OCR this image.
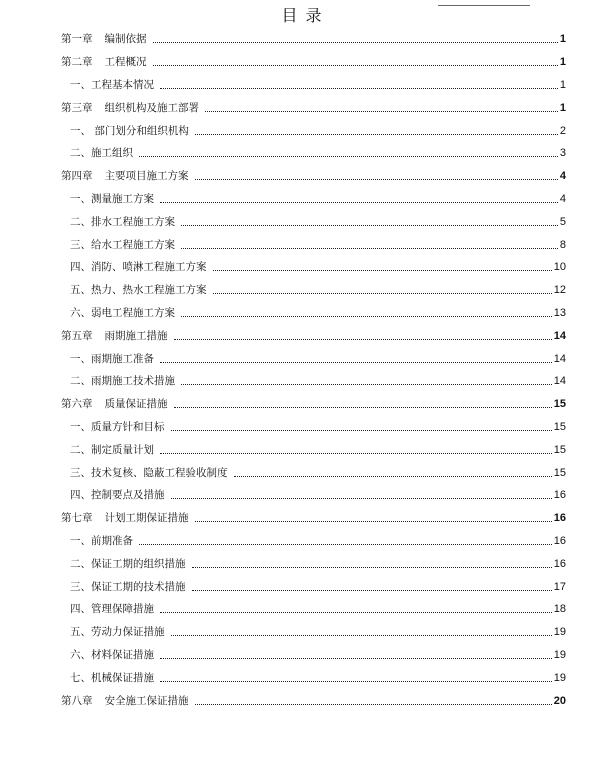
目录
第一章 编制依据	1
第二章 工程概况	1
一、工程基本情况	1
第三章 组织机构及施工部署	1
一、 部门划分和组织机构	2
二、施工组织	3
第四章 主要项目施工方案	4
一、测量施工方案	4
二、排水工程施工方案	5
三、给水工程施工方案	8
四、消防、喷淋工程施工方案	10
五、热力、热水工程施工方案	12
六、弱电工程施工方案	13
第五章 雨期施工措施	14
一、雨期施工准备	14
二、雨期施工技术措施	14
第六章 质量保证措施	15
一、质量方针和目标	15
二、制定质量计划	15
三、技术复核、隐蔽工程验收制度	15
四、控制要点及措施	16
第七章 计划工期保证措施	16
一、前期准备	16
二、保证工期的组织措施	16
三、保证工期的技术措施	17
四、管理保障措施	18
五、劳动力保证措施	19
六、材料保证措施	19
七、机械保证措施	19
第八章 安全施工保证措施	20
